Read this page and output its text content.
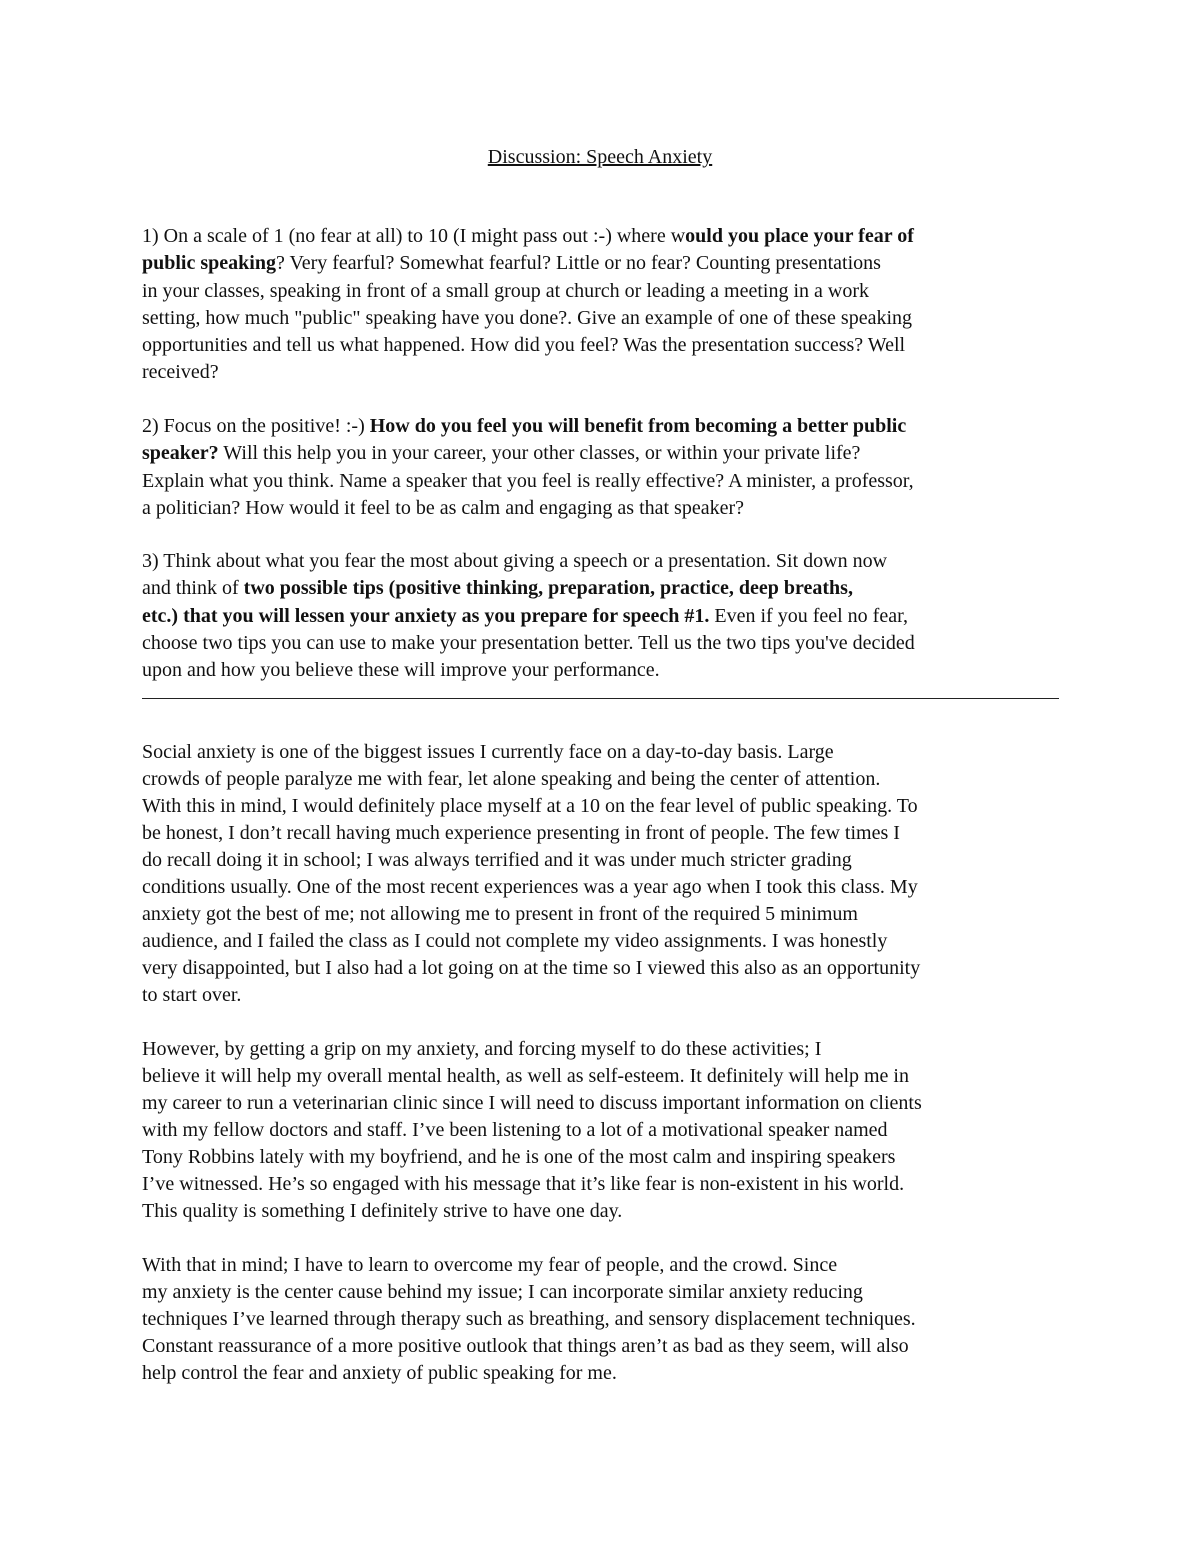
Discussion: Speech Anxiety

1) On a scale of 1 (no fear at all) to 10 (I might pass out :-) where would you place your fear of
public speaking? Very fearful? Somewhat fearful? Little or no fear? Counting presentations
in your classes, speaking in front of a small group at church or leading a meeting in a work
setting, how much "public" speaking have you done?. Give an example of one of these speaking
opportunities and tell us what happened. How did you feel? Was the presentation success? Well
received?

2) Focus on the positive! :-) How do you feel you will benefit from becoming a better public
speaker? Will this help you in your career, your other classes, or within your private life?
Explain what you think. Name a speaker that you feel is really effective? A minister, a professor,
a politician? How would it feel to be as calm and engaging as that speaker?

3) Think about what you fear the most about giving a speech or a presentation. Sit down now
and think of two possible tips (positive thinking, preparation, practice, deep breaths,
etc.) that you will lessen your anxiety as you prepare for speech #1. Even if you feel no fear,
choose two tips you can use to make your presentation better. Tell us the two tips you've decided
upon and how you believe these will improve your performance.

Social anxiety is one of the biggest issues I currently face on a day-to-day basis. Large
crowds of people paralyze me with fear, let alone speaking and being the center of attention.
With this in mind, I would definitely place myself at a 10 on the fear level of public speaking. To
be honest, I don’t recall having much experience presenting in front of people. The few times I
do recall doing it in school; I was always terrified and it was under much stricter grading
conditions usually. One of the most recent experiences was a year ago when I took this class. My
anxiety got the best of me; not allowing me to present in front of the required 5 minimum
audience, and I failed the class as I could not complete my video assignments. I was honestly
very disappointed, but I also had a lot going on at the time so I viewed this also as an opportunity
to start over.
However, by getting a grip on my anxiety, and forcing myself to do these activities; I
believe it will help my overall mental health, as well as self-esteem. It definitely will help me in
my career to run a veterinarian clinic since I will need to discuss important information on clients
with my fellow doctors and staff. I’ve been listening to a lot of a motivational speaker named
Tony Robbins lately with my boyfriend, and he is one of the most calm and inspiring speakers
I’ve witnessed. He’s so engaged with his message that it’s like fear is non-existent in his world.
This quality is something I definitely strive to have one day.
With that in mind; I have to learn to overcome my fear of people, and the crowd. Since
my anxiety is the center cause behind my issue; I can incorporate similar anxiety reducing
techniques I’ve learned through therapy such as breathing, and sensory displacement techniques.
Constant reassurance of a more positive outlook that things aren’t as bad as they seem, will also
help control the fear and anxiety of public speaking for me.
